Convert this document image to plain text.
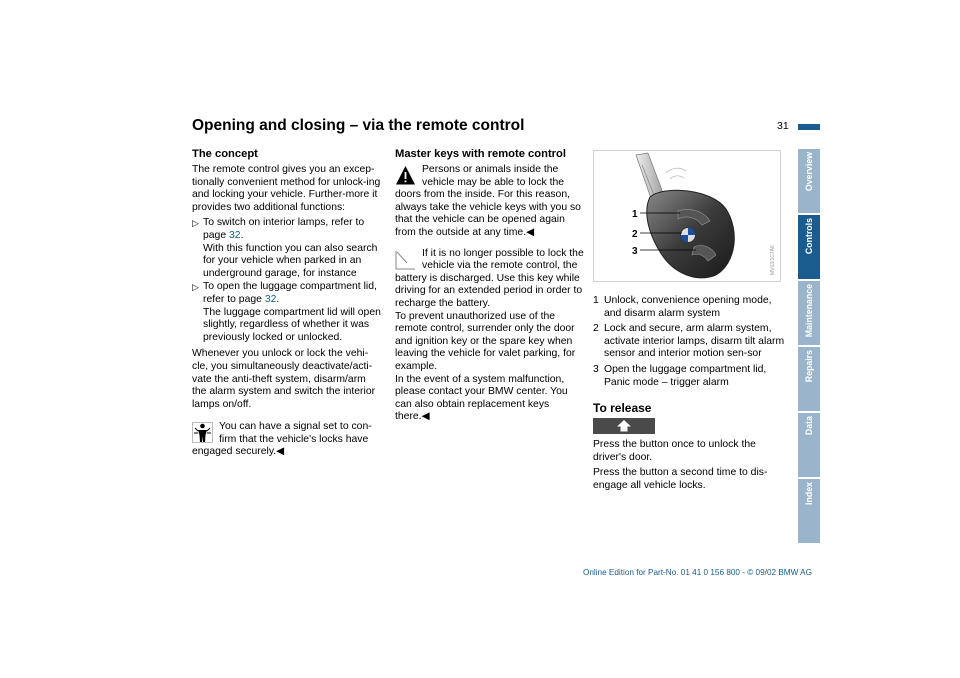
Opening and closing – via the remote control	31
Overview
Controls
Maintenance
Repairs
Data
Index
The concept

The remote control gives you an excep-tionally convenient method for unlock-ing and locking your vehicle. Further-more it provides two additional functions:

▷ To switch on interior lamps, refer to page 32.
With this function you can also search for your vehicle when parked in an underground garage, for instance
▷ To open the luggage compartment lid, refer to page 32.
The luggage compartment lid will open slightly, regardless of whether it was previously locked or unlocked.

Whenever you unlock or lock the vehi-cle, you simultaneously deactivate/acti-vate the anti-theft system, disarm/arm the alarm system and switch the interior lamps on/off.

You can have a signal set to con-firm that the vehicle's locks have engaged securely.◀
Master keys with remote control
Persons or animals inside the vehicle may be able to lock the doors from the inside. For this reason, always take the vehicle keys with you so that the vehicle can be opened again from the outside at any time.◀
If it is no longer possible to lock the vehicle via the remote control, the battery is discharged. Use this key while driving for an extended period in order to recharge the battery.
To prevent unauthorized use of the remote control, surrender only the door and ignition key or the spare key when leaving the vehicle for valet parking, for example.
In the event of a system malfunction, please contact your BMW center. You can also obtain replacement keys there.◀
1
2
3	MV03/1C7A6
1 Unlock, convenience opening mode, and disarm alarm system
2 Lock and secure, arm alarm system, activate interior lamps, disarm tilt alarm sensor and interior motion sen-sor
3 Open the luggage compartment lid, Panic mode – trigger alarm
To release

Press the button once to unlock the driver's door.

Press the button a second time to dis-engage all vehicle locks.

Online Edition for Part-No. 01 41 0 156 800 - © 09/02 BMW AG
